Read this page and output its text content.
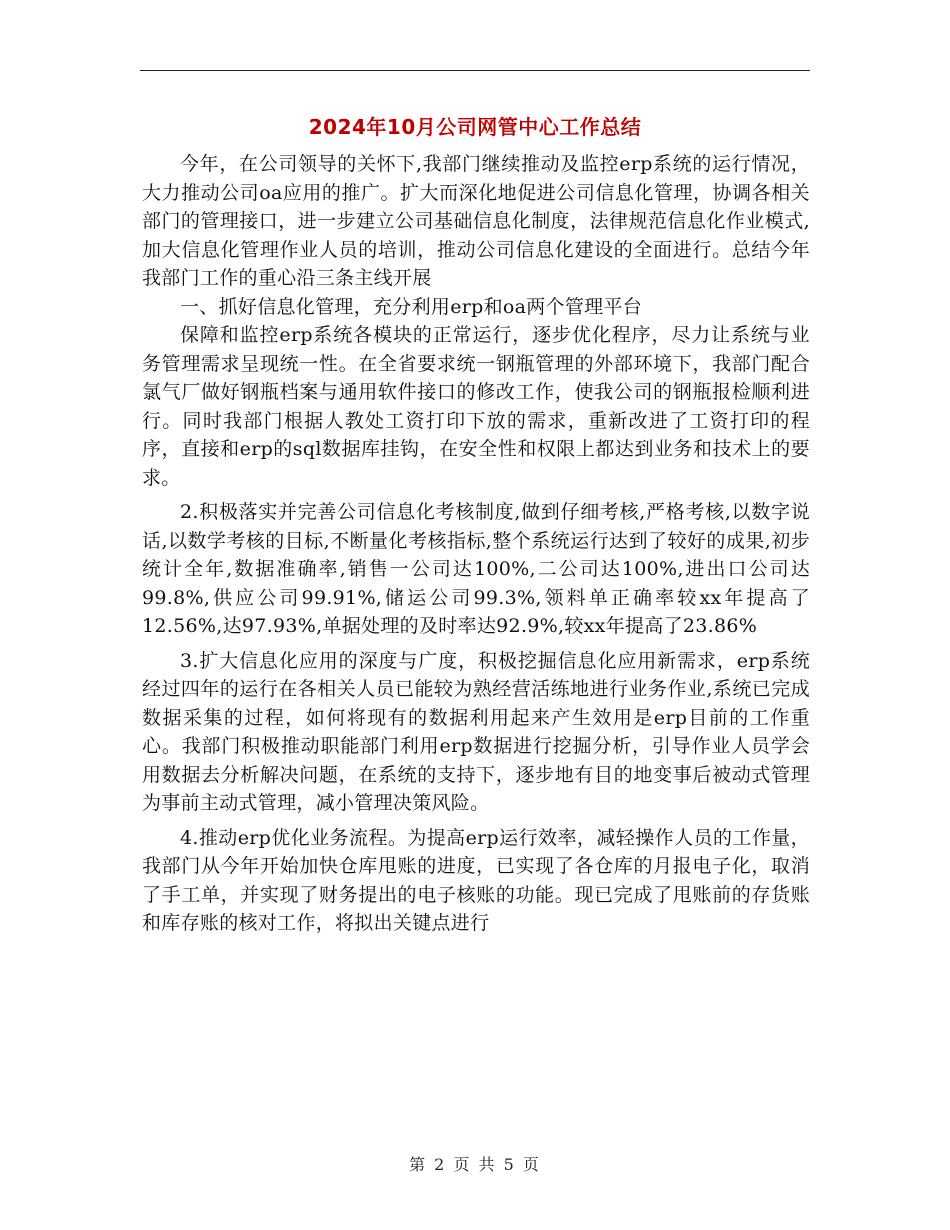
2024年10月公司网管中心工作总结

今年，在公司领导的关怀下,我部门继续推动及监控erp系统的运行情况，大力推动公司oa应用的推广。扩大而深化地促进公司信息化管理，协调各相关部门的管理接口，进一步建立公司基础信息化制度，法律规范信息化作业模式,加大信息化管理作业人员的培训，推动公司信息化建设的全面进行。总结今年我部门工作的重心沿三条主线开展

一、抓好信息化管理，充分利用erp和oa两个管理平台

保障和监控erp系统各模块的正常运行，逐步优化程序，尽力让系统与业务管理需求呈现统一性。在全省要求统一钢瓶管理的外部环境下，我部门配合氯气厂做好钢瓶档案与通用软件接口的修改工作，使我公司的钢瓶报检顺利进行。同时我部门根据人教处工资打印下放的需求，重新改进了工资打印的程序，直接和erp的sql数据库挂钩，在安全性和权限上都达到业务和技术上的要求。

2.积极落实并完善公司信息化考核制度,做到仔细考核,严格考核,以数字说话,以数学考核的目标,不断量化考核指标,整个系统运行达到了较好的成果,初步统计全年,数据准确率,销售一公司达100%,二公司达100%,进出口公司达99.8%,供应公司99.91%,储运公司99.3%,领料单正确率较xx年提高了12.56%,达97.93%,单据处理的及时率达92.9%,较xx年提高了23.86%

3.扩大信息化应用的深度与广度，积极挖掘信息化应用新需求，erp系统经过四年的运行在各相关人员已能较为熟经营活练地进行业务作业,系统已完成数据采集的过程，如何将现有的数据利用起来产生效用是erp目前的工作重心。我部门积极推动职能部门利用erp数据进行挖掘分析，引导作业人员学会用数据去分析解决问题，在系统的支持下，逐步地有目的地变事后被动式管理为事前主动式管理，减小管理决策风险。

4.推动erp优化业务流程。为提高erp运行效率，减轻操作人员的工作量，我部门从今年开始加快仓库甩账的进度，已实现了各仓库的月报电子化，取消了手工单，并实现了财务提出的电子核账的功能。现已完成了甩账前的存货账和库存账的核对工作，将拟出关键点进行

第 2 页 共 5 页
